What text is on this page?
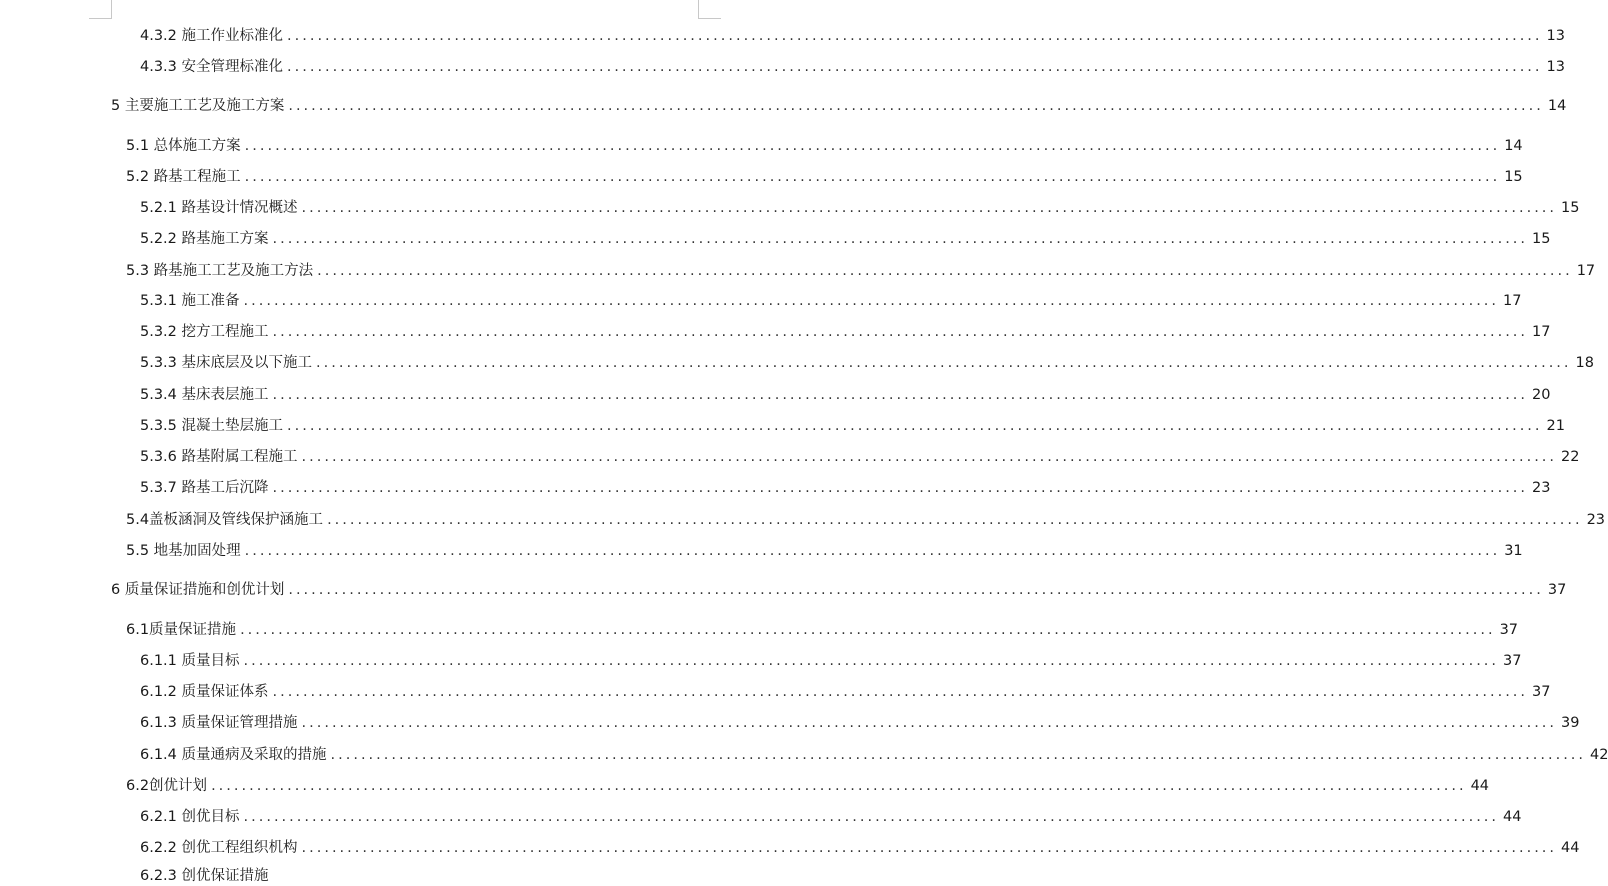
4.3.2 施工作业标准化 .....	13
4.3.3 安全管理标准化 .....	13
5 主要施工工艺及施工方案 .....	14
5.1 总体施工方案 .....	14
5.2 路基工程施工 .....	15
5.2.1 路基设计情况概述 .....	15
5.2.2 路基施工方案 .....	15
5.3 路基施工工艺及施工方法 .....	17
5.3.1 施工准备 .....	17
5.3.2 挖方工程施工 .....	17
5.3.3 基床底层及以下施工 .....	18
5.3.4 基床表层施工 .....	20
5.3.5 混凝土垫层施工 .....	21
5.3.6 路基附属工程施工 .....	22
5.3.7 路基工后沉降 .....	23
5.4盖板涵洞及管线保护涵施工 .....	23
5.5 地基加固处理 .....	31
6 质量保证措施和创优计划 .....	37
6.1质量保证措施 .....	37
6.1.1 质量目标 .....	37
6.1.2 质量保证体系 .....	37
6.1.3 质量保证管理措施 .....	39
6.1.4 质量通病及采取的措施 .....	42
6.2创优计划 .....	44
6.2.1 创优目标 .....	44
6.2.2 创优工程组织机构 .....	44
6.2.3 创优保证措施
